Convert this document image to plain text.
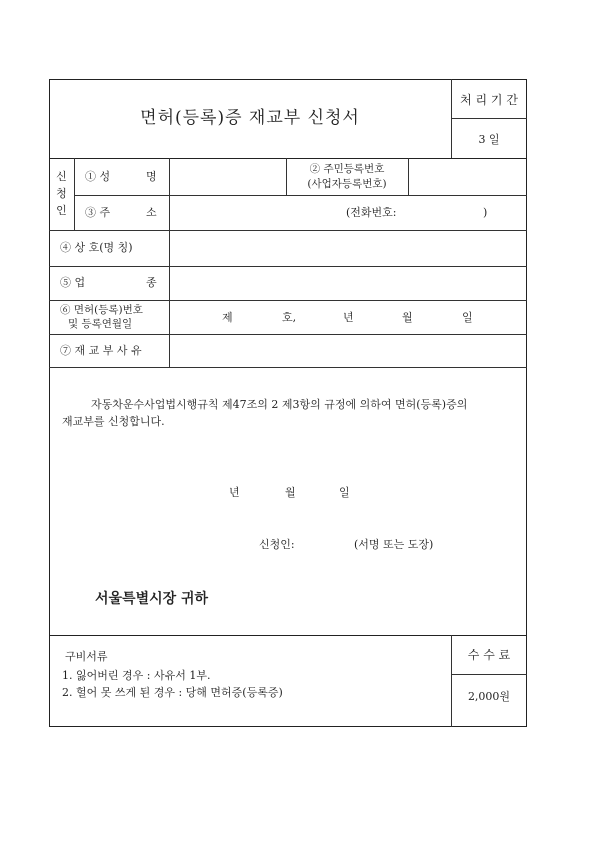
면허(등록)증 재교부 신청서
처 리 기 간
3 일
신
청
인
① 성	명
② 주민등록번호
(사업자등록번호)
③ 주	소	(전화번호:	)
④ 상 호(명 칭)
⑤ 업	종
⑥ 면허(등록)번호
및 등록연월일	제	호,	년	월	일
⑦ 재 교 부 사 유
자동차운수사업법시행규칙 제47조의 2 제3항의 규정에 의하여 면허(등록)증의
재교부를 신청합니다.
년	월	일
신청인:	(서명 또는 도장)
서울특별시장 귀하
구비서류
1. 잃어버린 경우 : 사유서 1부.
2. 헐어 못 쓰게 된 경우 : 당해 면허증(등록증)
수 수 료
2,000원
